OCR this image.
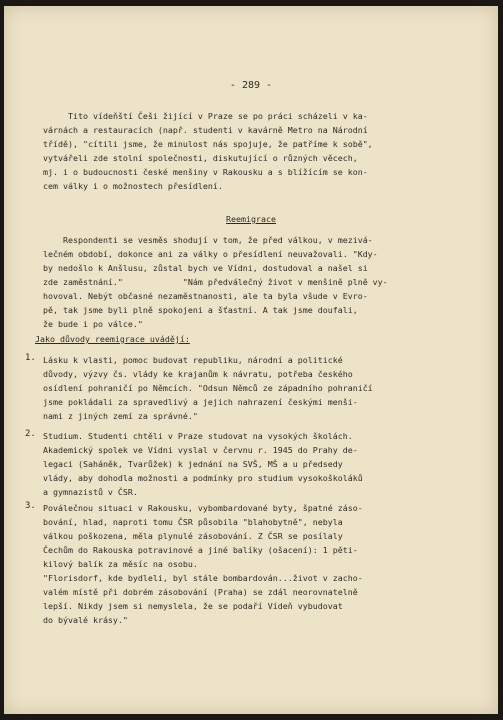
- 289 -
Tito vídeňští Češi žijící v Praze se po práci scházeli v ka-
várnách a restauracích (např. studenti v kavárně Metro na Národní
třídě), "cítili jsme, že minulost nás spojuje, že patříme k sobě",
vytvářeli zde stolní společnosti, diskutující o různých věcech,
mj. i o budoucnosti české menšiny v Rakousku a s blížícím se kon-
cem války i o možnostech přesídlení.
Reemigrace
Respondenti se vesměs shodují v tom, že před válkou, v mezivá-
lečném období, dokonce ani za války o přesídlení neuvažovali. "Kdy-
by nedošlo k Anšlusu, zůstal bych ve Vídni, dostudoval a našel si
zde zaměstnání."            "Nám předválečný život v menšině plně vy-
hovoval. Nebýt občasné nezaměstnanosti, ale ta byla všude v Evro-
pě, tak jsme byli plně spokojeni a šťastní. A tak jsme doufali,
že bude i po válce."
Jako důvody reemigrace uvádějí:
1. Lásku k vlasti, pomoc budovat republiku, národní a politické
důvody, výzvy čs. vlády ke krajanům k návratu, potřeba českého
osídlení pohraničí po Němcích. "Odsun Němců ze západního pohraničí
jsme pokládali za spravedlivý a jejich nahrazení českými menši-
nami z jiných zemí za správné."
2. Studium. Studenti chtěli v Praze studovat na vysokých školách.
Akademický spolek ve Vídni vyslal v červnu r. 1945 do Prahy de-
legaci (Saháněk, Tvarůžek) k jednání na SVŠ, MŠ a u předsedy
vlády, aby dohodla možnosti a podmínky pro studium vysokoškoláků
a gymnazistů v ČSR.
3. Poválečnou situaci v Rakousku, vybombardované byty, špatné záso-
bování, hlad, naproti tomu ČSR působila "blahobytně", nebyla
válkou poškozena, měla plynulé zásobování. Z ČSR se posílaly
Čechům do Rakouska potravinové a jiné balíky (ošacení): 1 pěti-
kilový balík za měsíc na osobu.
"Florisdorf, kde bydleli, byl stále bombardován...život v zacho-
valém místě při dobrém zásobování (Praha) se zdál neorovnatelně
lepší. Nikdy jsem si nemyslela, že se podaří Vídeň vybudovat
do bývalé krásy."
